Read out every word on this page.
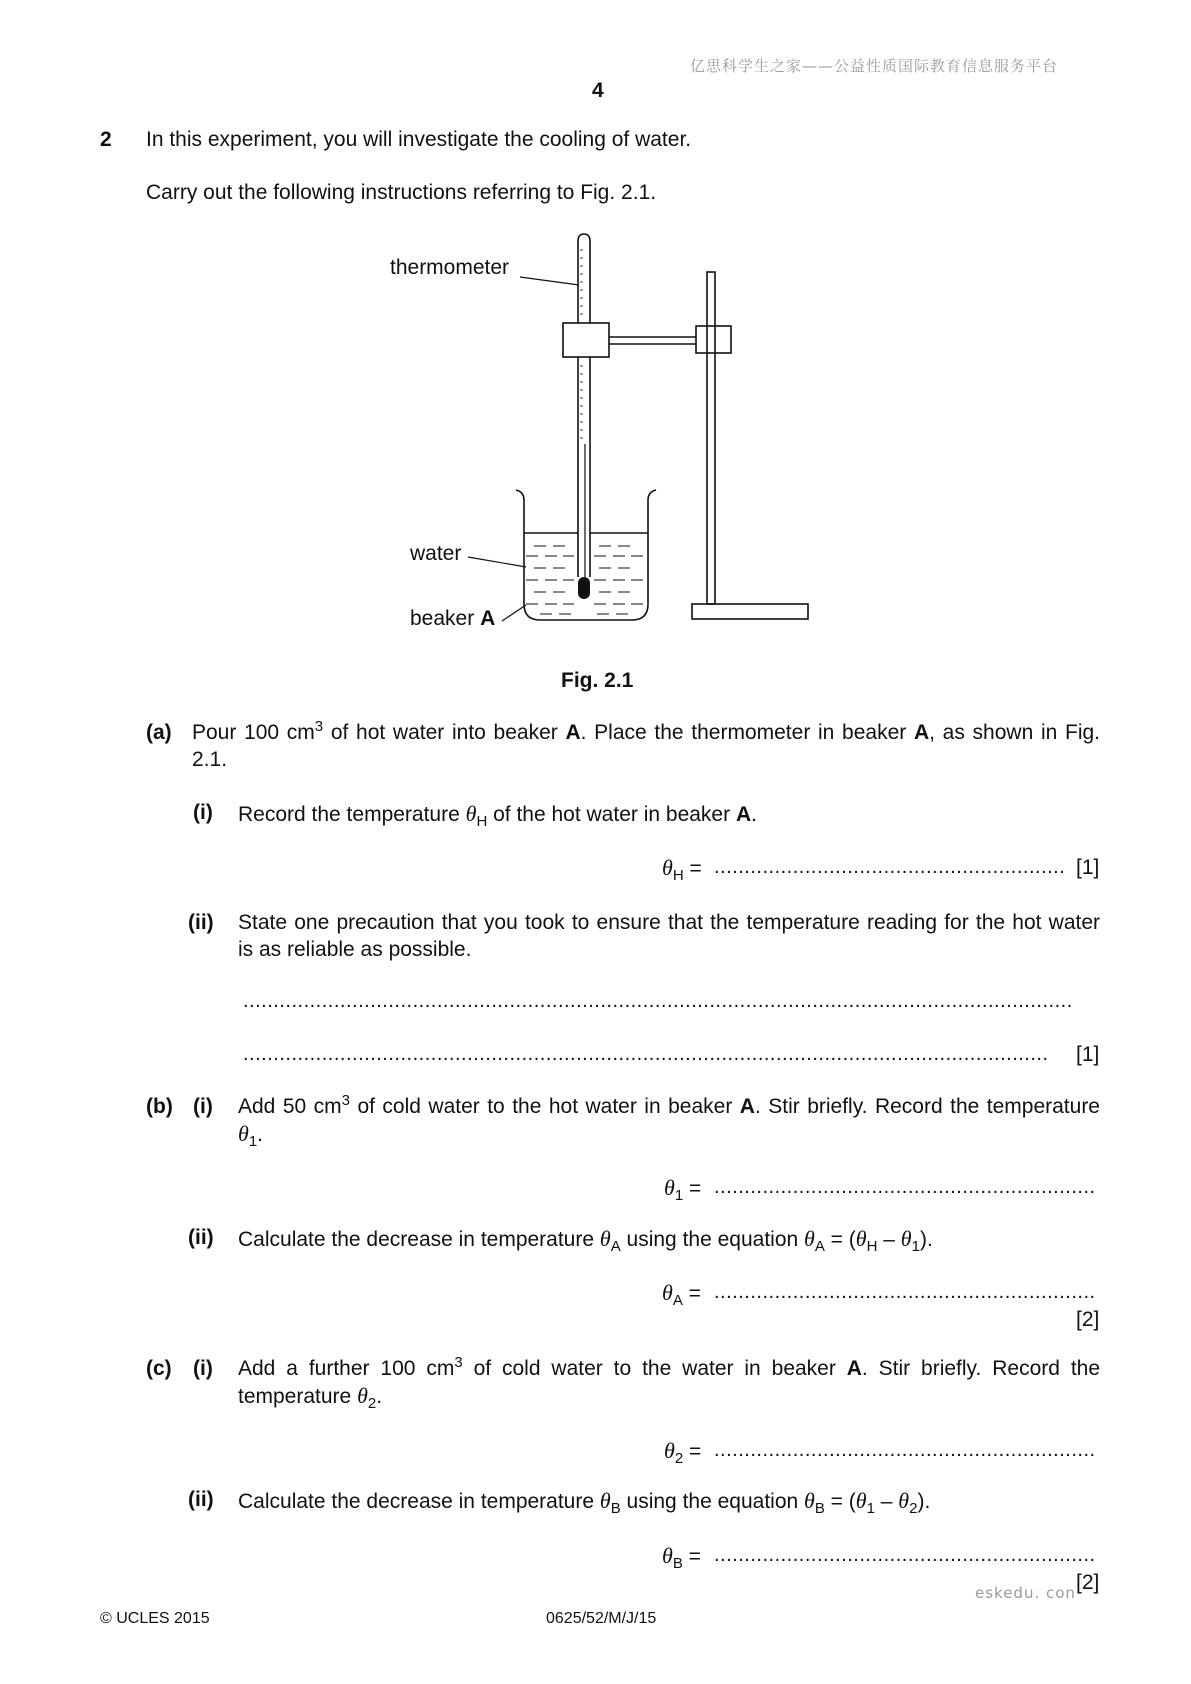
亿思科学生之家——公益性质国际教育信息服务平台
4
2 In this experiment, you will investigate the cooling of water.
Carry out the following instructions referring to Fig. 2.1.
thermometer
water
beaker A
Fig. 2.1
(a) Pour 100 $cm^3$ of hot water into beaker A. Place the thermometer in beaker A, as shown in Fig. 2.1.
(i) Record the temperature $\theta_H$ of the hot water in beaker A.
$\theta_H$ = .......................................................... [1]
(ii) State one precaution that you took to ensure that the temperature reading for the hot water is as reliable as possible.
.........................................................................................................................................
.....................................................................................................................................	[1]
(b) (i) Add 50 $cm^3$ of cold water to the hot water in beaker A. Stir briefly. Record the temperature $\theta_1$.
$\theta_1$ = ...............................................................
(ii) Calculate the decrease in temperature $\theta_A$ using the equation $\theta_A = (\theta_H - \theta_1)$.
$\theta_A$ = ...............................................................
[2]
(c) (i) Add a further 100 $cm^3$ of cold water to the water in beaker A. Stir briefly. Record the temperature $\theta_2$.
$\theta_2$ = ...............................................................
(ii) Calculate the decrease in temperature $\theta_B$ using the equation $\theta_B = (\theta_1 - \theta_2)$.
$\theta_B$ = ...............................................................
[2]
eskedu. con
© UCLES 2015	0625/52/M/J/15
